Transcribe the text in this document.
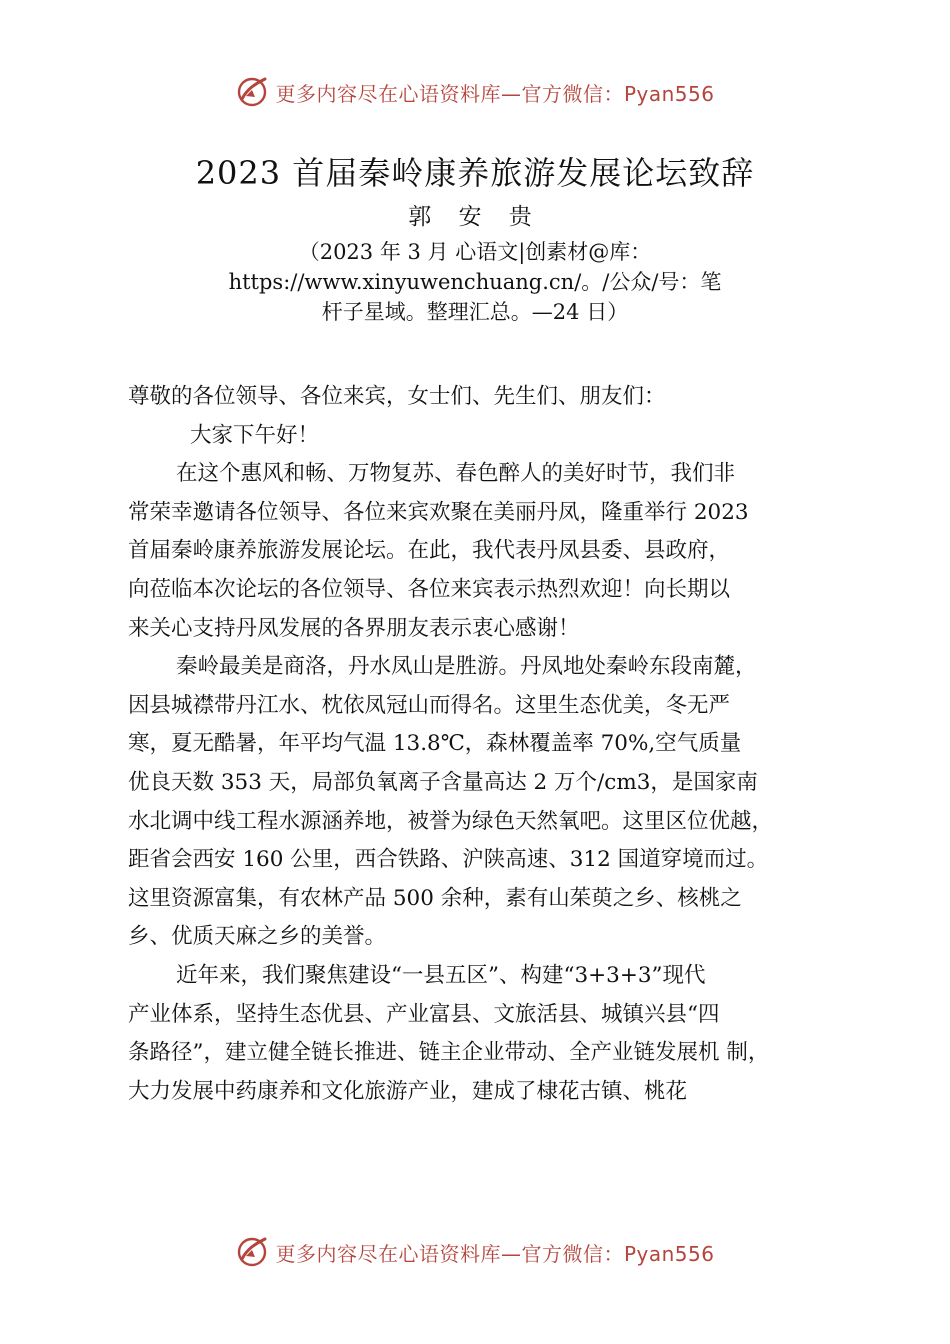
更多内容尽在心语资料库—官方微信：Pyan556
2023 首届秦岭康养旅游发展论坛致辞
郭 安 贵
（2023 年 3 月 心语文|创素材@库：
https://www.xinyuwenchuang.cn/。/公众/号：笔
杆子星域。整理汇总。—24 日）
尊敬的各位领导、各位来宾，女士们、先生们、朋友们：
大家下午好！
在这个惠风和畅、万物复苏、春色醉人的美好时节，我们非
常荣幸邀请各位领导、各位来宾欢聚在美丽丹凤，隆重举行 2023
首届秦岭康养旅游发展论坛。在此，我代表丹凤县委、县政府，
向莅临本次论坛的各位领导、各位来宾表示热烈欢迎！向长期以
来关心支持丹凤发展的各界朋友表示衷心感谢！
秦岭最美是商洛，丹水凤山是胜游。丹凤地处秦岭东段南麓，
因县城襟带丹江水、枕依凤冠山而得名。这里生态优美，冬无严
寒，夏无酷暑，年平均气温 13.8℃，森林覆盖率 70%,空气质量
优良天数 353 天，局部负氧离子含量高达 2 万个/cm3，是国家南
水北调中线工程水源涵养地，被誉为绿色天然氧吧。这里区位优越，
距省会西安 160 公里，西合铁路、沪陕高速、312 国道穿境而过。
这里资源富集，有农林产品 500 余种，素有山茱萸之乡、核桃之
乡、优质天麻之乡的美誉。
近年来，我们聚焦建设“一县五区”、构建“3+3+3”现代
产业体系，坚持生态优县、产业富县、文旅活县、城镇兴县“四
条路径”，建立健全链长推进、链主企业带动、全产业链发展机 制，
大力发展中药康养和文化旅游产业，建成了棣花古镇、桃花
更多内容尽在心语资料库—官方微信：Pyan556
